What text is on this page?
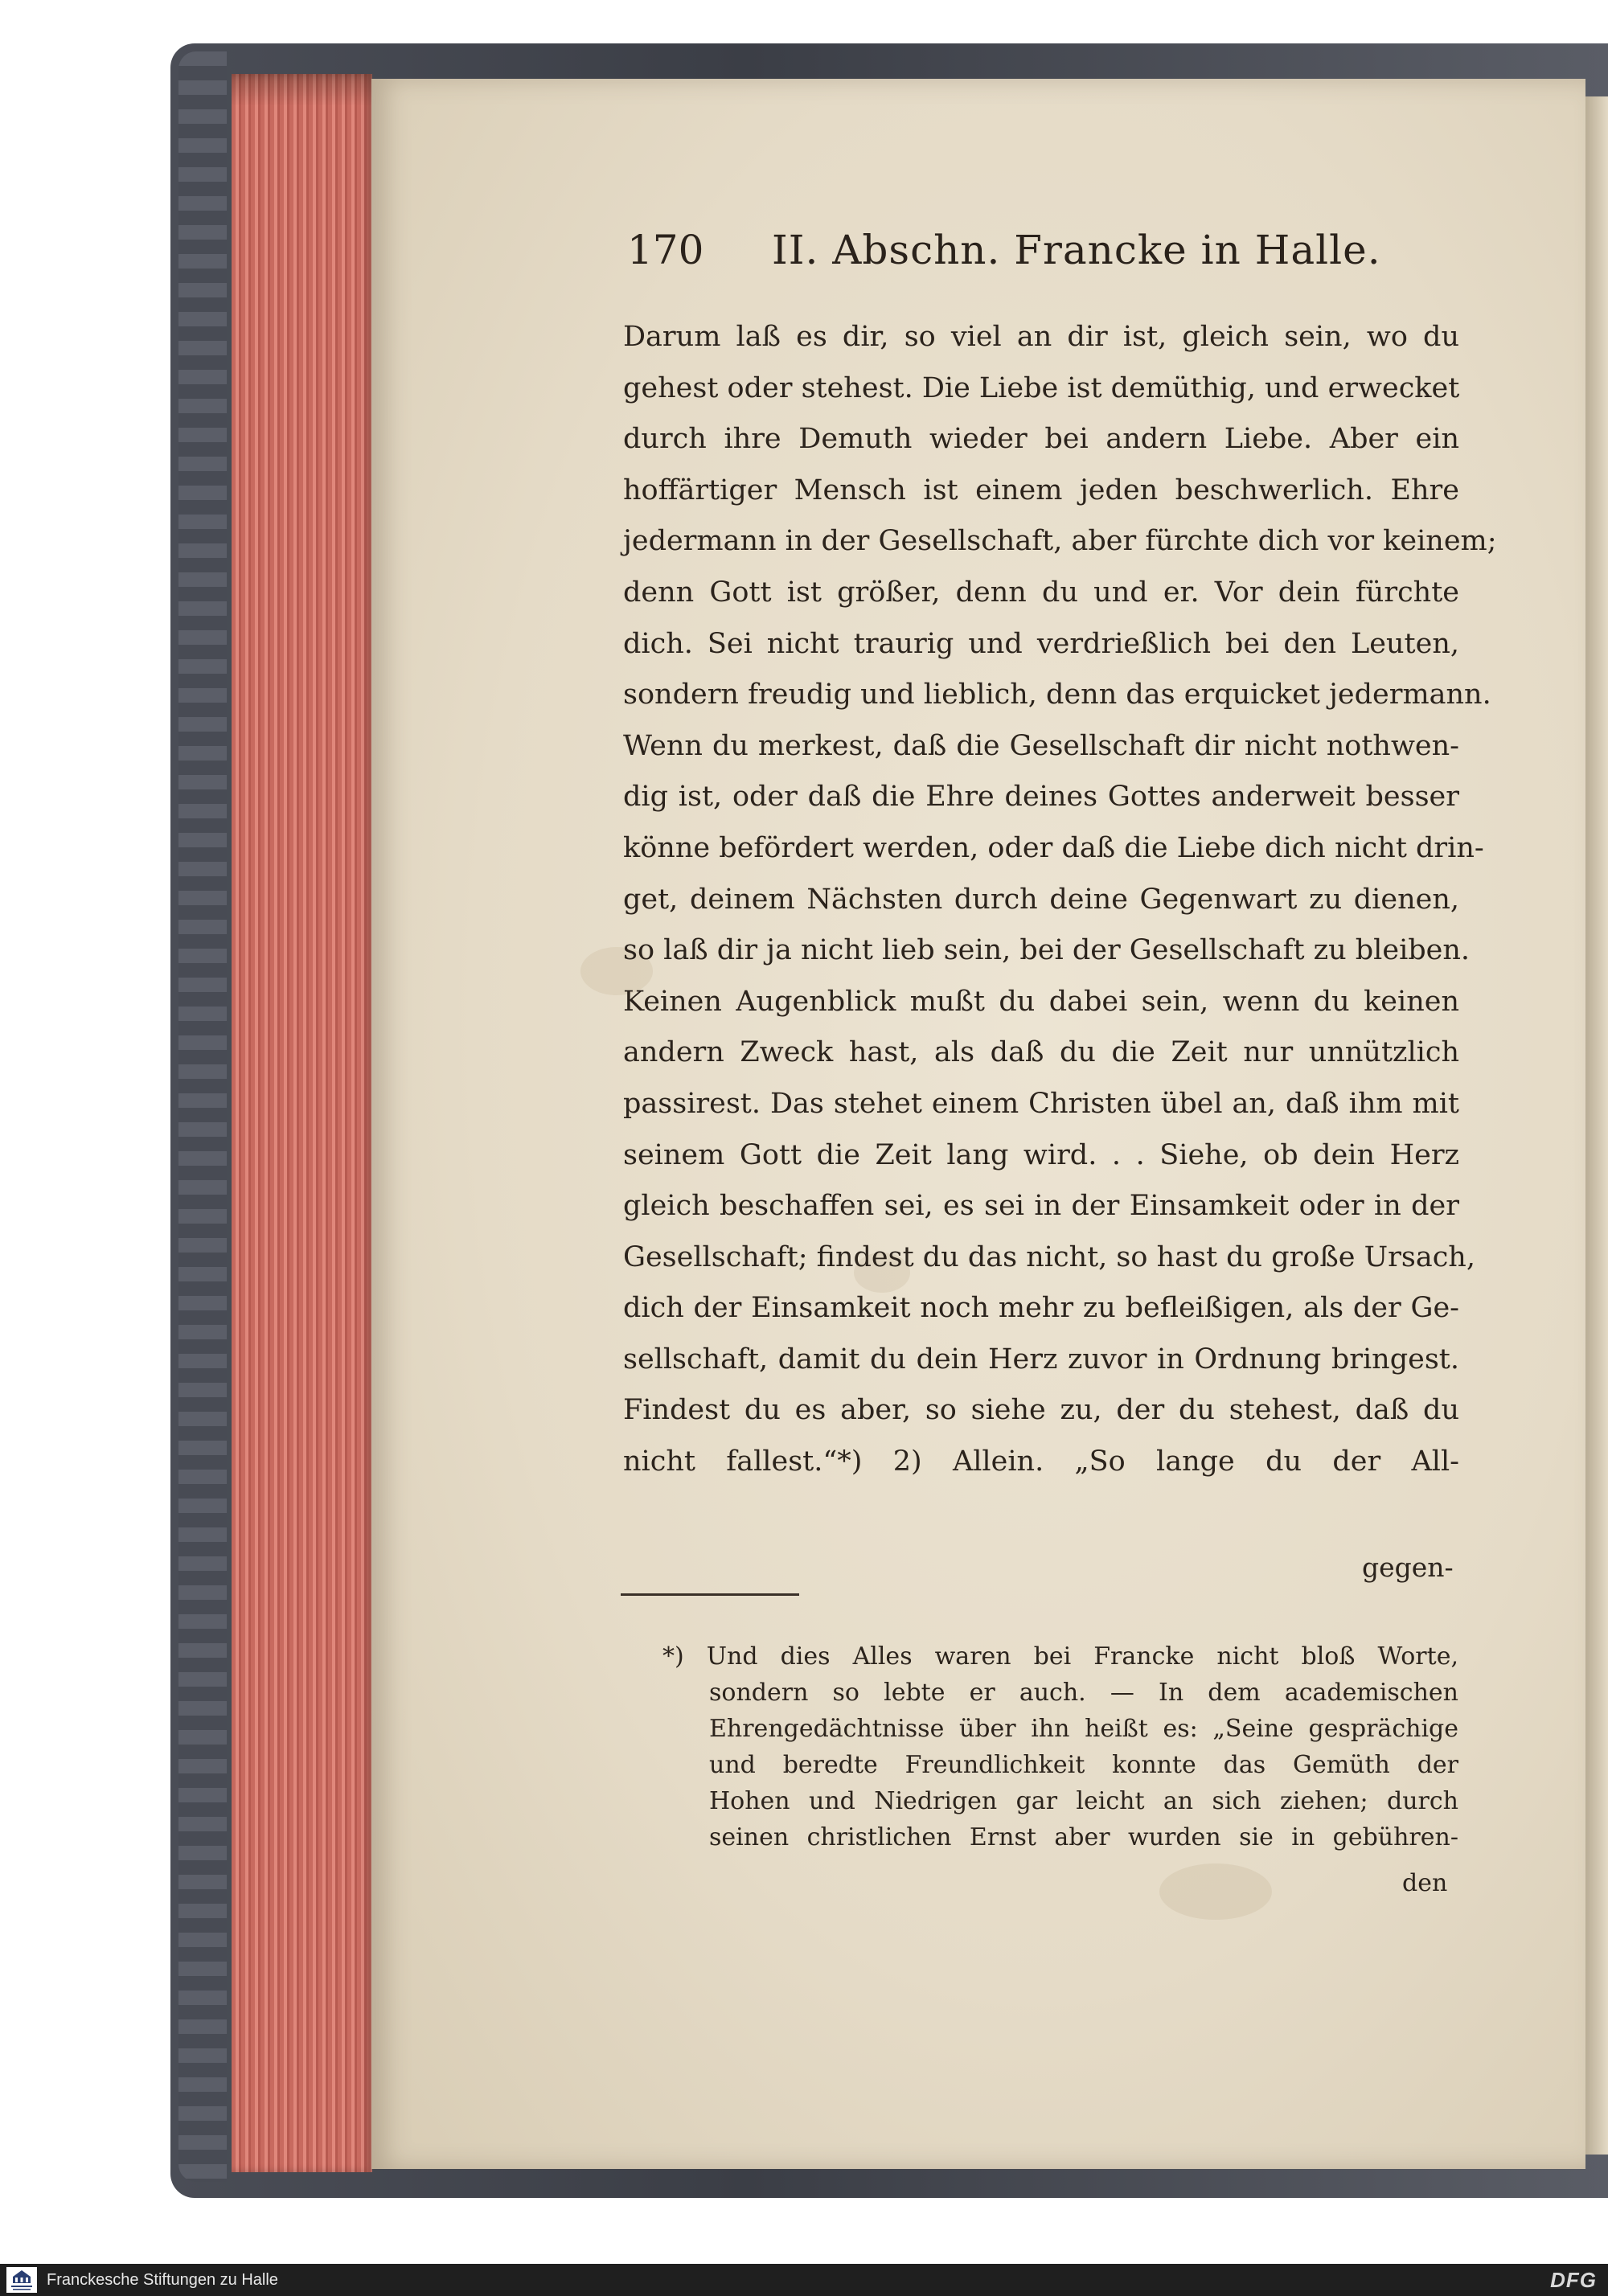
170 II. Abschn. Francke in Halle.
Darum laß es dir, so viel an dir ist, gleich sein, wo du
gehest oder stehest. Die Liebe ist demüthig, und erwecket
durch ihre Demuth wieder bei andern Liebe. Aber ein
hoffärtiger Mensch ist einem jeden beschwerlich. Ehre
jedermann in der Gesellschaft, aber fürchte dich vor keinem;
denn Gott ist größer, denn du und er. Vor dein fürchte
dich. Sei nicht traurig und verdrießlich bei den Leuten,
sondern freudig und lieblich, denn das erquicket jedermann.
Wenn du merkest, daß die Gesellschaft dir nicht nothwen-
dig ist, oder daß die Ehre deines Gottes anderweit besser
könne befördert werden, oder daß die Liebe dich nicht drin-
get, deinem Nächsten durch deine Gegenwart zu dienen,
so laß dir ja nicht lieb sein, bei der Gesellschaft zu bleiben.
Keinen Augenblick mußt du dabei sein, wenn du keinen
andern Zweck hast, als daß du die Zeit nur unnützlich
passirest. Das stehet einem Christen übel an, daß ihm mit
seinem Gott die Zeit lang wird. . . Siehe, ob dein Herz
gleich beschaffen sei, es sei in der Einsamkeit oder in der
Gesellschaft; findest du das nicht, so hast du große Ursach,
dich der Einsamkeit noch mehr zu befleißigen, als der Ge-
sellschaft, damit du dein Herz zuvor in Ordnung bringest.
Findest du es aber, so siehe zu, der du stehest, daß du
nicht fallest.“*) 2) Allein. „So lange du der All-
gegen-
*) Und dies Alles waren bei Francke nicht bloß Worte,
sondern so lebte er auch. — In dem academischen
Ehrengedächtnisse über ihn heißt es: „Seine gesprächige
und beredte Freundlichkeit konnte das Gemüth der
Hohen und Niedrigen gar leicht an sich ziehen; durch
seinen christlichen Ernst aber wurden sie in gebühren-
den
Franckesche Stiftungen zu Halle	DFG
